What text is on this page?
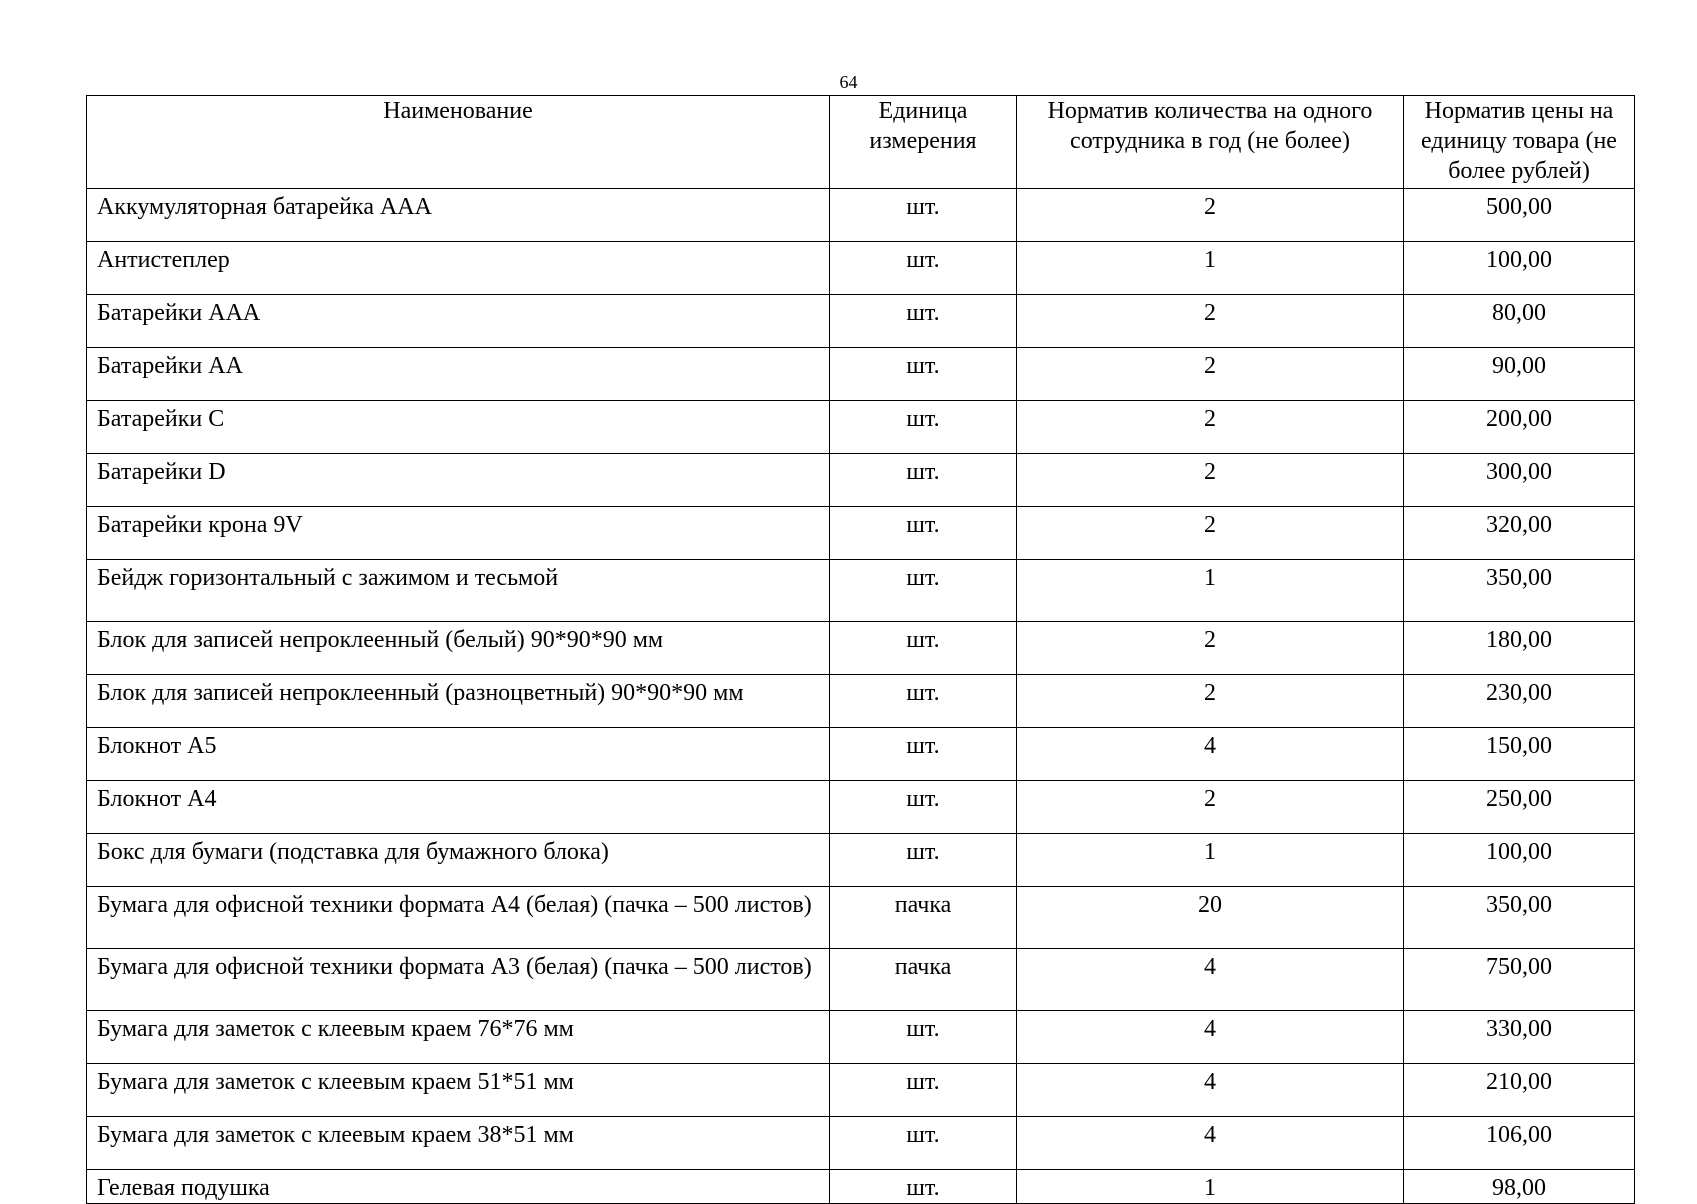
64
Наименование	Единица измерения	Норматив количества на одного сотрудника в год (не более)	Норматив цены на единицу товара (не более рублей)
Аккумуляторная батарейка AAA	шт.	2	500,00
Антистеплер	шт.	1	100,00
Батарейки ААА	шт.	2	80,00
Батарейки АА	шт.	2	90,00
Батарейки С	шт.	2	200,00
Батарейки D	шт.	2	300,00
Батарейки крона 9V	шт.	2	320,00
Бейдж горизонтальный с зажимом и тесьмой	шт.	1	350,00
Блок для записей непроклеенный (белый) 90*90*90 мм	шт.	2	180,00
Блок для записей непроклеенный (разноцветный) 90*90*90 мм	шт.	2	230,00
Блокнот А5	шт.	4	150,00
Блокнот А4	шт.	2	250,00
Бокс для бумаги (подставка для бумажного блока)	шт.	1	100,00
Бумага для офисной техники формата А4 (белая) (пачка – 500 листов)	пачка	20	350,00
Бумага для офисной техники формата А3 (белая) (пачка – 500 листов)	пачка	4	750,00
Бумага для заметок с клеевым краем 76*76 мм	шт.	4	330,00
Бумага для заметок с клеевым краем 51*51 мм	шт.	4	210,00
Бумага для заметок с клеевым краем 38*51 мм	шт.	4	106,00
Гелевая подушка	шт.	1	98,00
